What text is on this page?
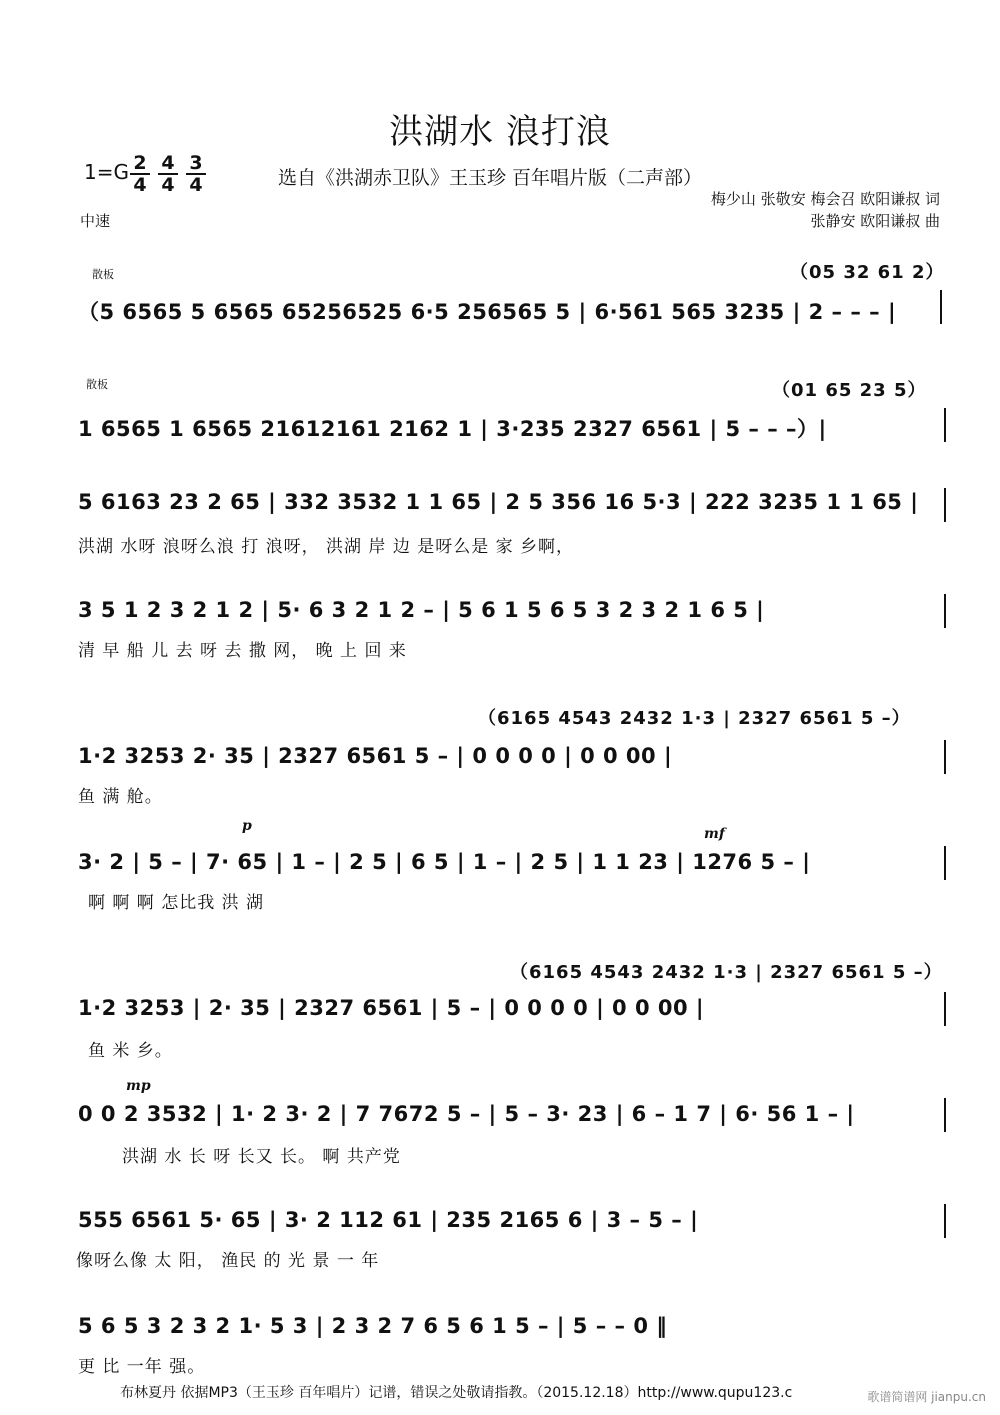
洪湖水 浪打浪
1=G 2
4
4
4
3
4	选自《洪湖赤卫队》王玉珍 百年唱片版（二声部）
梅少山 张敬安 梅会召 欧阳谦叔 词
张静安 欧阳谦叔 曲
中速
散板	（05 32 61 2）
（5 6565 5 6565 65256525 6·5 256565 5 | 6·561 565 3235 | 2 – – – |
散板	（01 65 23 5）
1 6565 1 6565 21612161 2162 1 | 3·235 2327 6561 | 5 – – –）|
5 6163 23 2 65 | 332 3532 1 1 65 | 2 5 356 16 5·3 | 222 3235 1 1 65 |
洪湖 水呀 浪呀么浪 打 浪呀， 洪湖 岸 边 是呀么是 家 乡啊，
3 5 1 2 3 2 1 2 | 5· 6 3 2 1 2 – | 5 6 1 5 6 5 3 2 3 2 1 6 5 |
清 早 船 儿 去 呀 去 撒 网， 晚 上 回 来
（6165 4543 2432 1·3 | 2327 6561 5 –）
1·2 3253 2· 35 | 2327 6561 5 – | 0 0 0 0 | 0 0 00 |
鱼 满 舱。
p	mf
3· 2 | 5 – | 7· 65 | 1 – | 2 5 | 6 5 | 1 – | 2 5 | 1 1 23 | 1276 5 – |
啊 啊 啊 怎比我 洪 湖
（6165 4543 2432 1·3 | 2327 6561 5 –）
1·2 3253 | 2· 35 | 2327 6561 | 5 – | 0 0 0 0 | 0 0 00 |
鱼 米 乡。
mp
0 0 2 3532 | 1· 2 3· 2 | 7 7672 5 – | 5 – 3· 23 | 6 – 1 7 | 6· 56 1 – |
洪湖 水 长 呀 长又 长。 啊 共产党
555 6561 5· 65 | 3· 2 112 61 | 235 2165 6 | 3 – 5 – |
像呀么像 太 阳， 渔民 的 光 景 一 年
5 6 5 3 2 3 2 1· 5 3 | 2 3 2 7 6 5 6 1 5 – | 5 – – 0 ‖
更 比 一年 强。
布林夏丹 依据MP3（王玉珍 百年唱片）记谱，错误之处敬请指教。（2015.12.18）http://www.qupu123.c	歌谱简谱网 jianpu.cn
